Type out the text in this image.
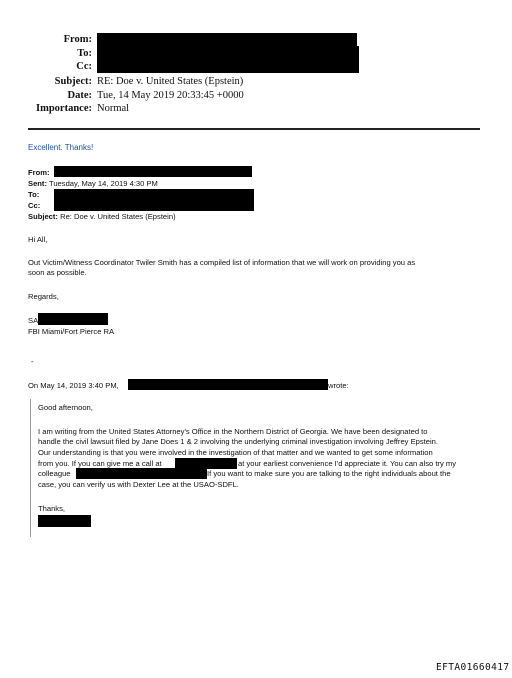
From:
To:
Cc:
Subject: RE: Doe v. United States (Epstein)
Date: Tue, 14 May 2019 20:33:45 +0000
Importance: Normal
Excellent. Thanks!
From:
Sent: Tuesday, May 14, 2019 4:30 PM
To:
Cc:
Subject: Re: Doe v. United States (Epstein)
Hi All,
Out Victim/Witness Coordinator Twiler Smith has a compiled list of information that we will work on providing you as
soon as possible.
Regards,
SA
FBI Miami/Fort Pierce RA
-
On May 14, 2019 3:40 PM,	wrote:
Good afternoon,
I am writing from the United States Attorney's Office in the Northern District of Georgia. We have been designated to
handle the civil lawsuit filed by Jane Does 1 & 2 involving the underlying criminal investigation involving Jeffrey Epstein.
Our understanding is that you were involved in the investigation of that matter and we wanted to get some information
from you. If you can give me a call at	at your earliest convenience I'd appreciate it. You can also try my
colleague	If you want to make sure you are talking to the right individuals about the
case, you can verify us with Dexter Lee at the USAO-SDFL.
Thanks,
EFTA01660417
